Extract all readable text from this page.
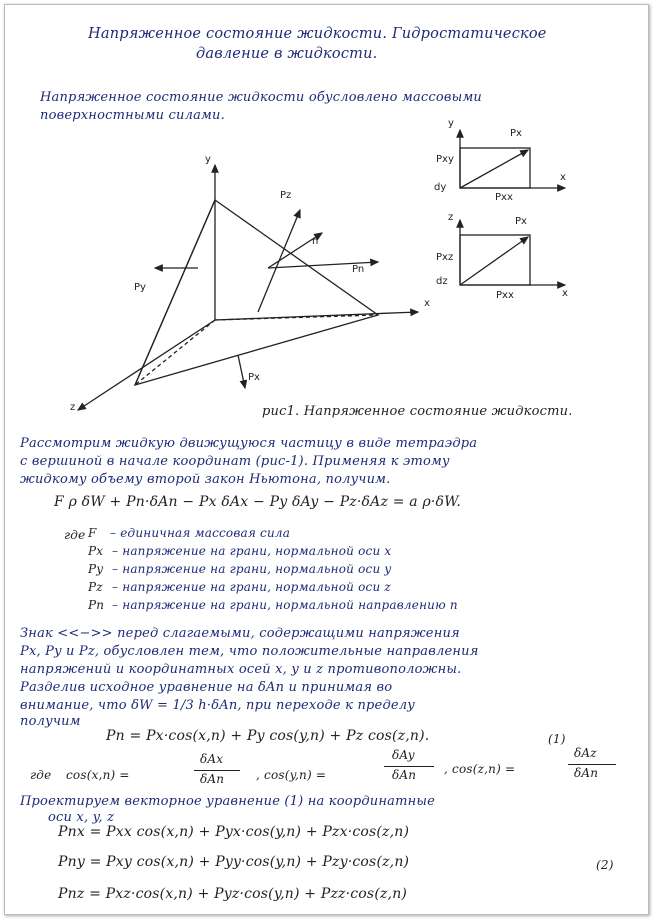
Напряженное состояние жидкости. Гидростатическое
давление в жидкости.
Напряженное состояние жидкости обусловлено массовыми
поверхностными силами.
y
x
z
Pz
n
Pn
Py
Px
рис1. Напряженное состояние жидкости.
y
x
Px
Pxy
dy
Pxx
z
x
Px
Pxz
dz
Pxx
Рассмотрим жидкую движущуюся частицу в виде тетраэдра
с вершиной в начале координат (рис-1). Применяя к этому
жидкому объему второй закон Ньютона, получим.
F ρ δW + Pn·δAn − Px δAx − Py δAy − Pz·δAz = a ρ·δW.
где F – единичная массовая сила
Px – напряжение на грани, нормальной оси x
Py – напряжение на грани, нормальной оси y
Pz – напряжение на грани, нормальной оси z
Pn – напряжение на грани, нормальной направлению n
Знак <<−>> перед слагаемыми, содержащими напряжения
Px, Py и Pz, обусловлен тем, что положительные направления
напряжений и координатных осей x, y и z противоположны.
Разделив исходное уравнение на δAn и принимая во
внимание, что δW = 1/3 h·δAn, при переходе к пределу
получим
Pn = Px·cos(x,n) + Py cos(y,n) + Pz cos(z,n).	(1)
где cos(x,n) =
δAx
δAn	, cos(y,n) =
δAy
δAn , cos(z,n) =
δAz
δAn
Проектируем векторное уравнение (1) на координатные
оси x, y, z
Pnx = Pxx cos(x,n) + Pyx·cos(y,n) + Pzx·cos(z,n)
Pny = Pxy cos(x,n) + Pyy·cos(y,n) + Pzy·cos(z,n)
Pnz = Pxz·cos(x,n) + Pyz·cos(y,n) + Pzz·cos(z,n)
(2)
